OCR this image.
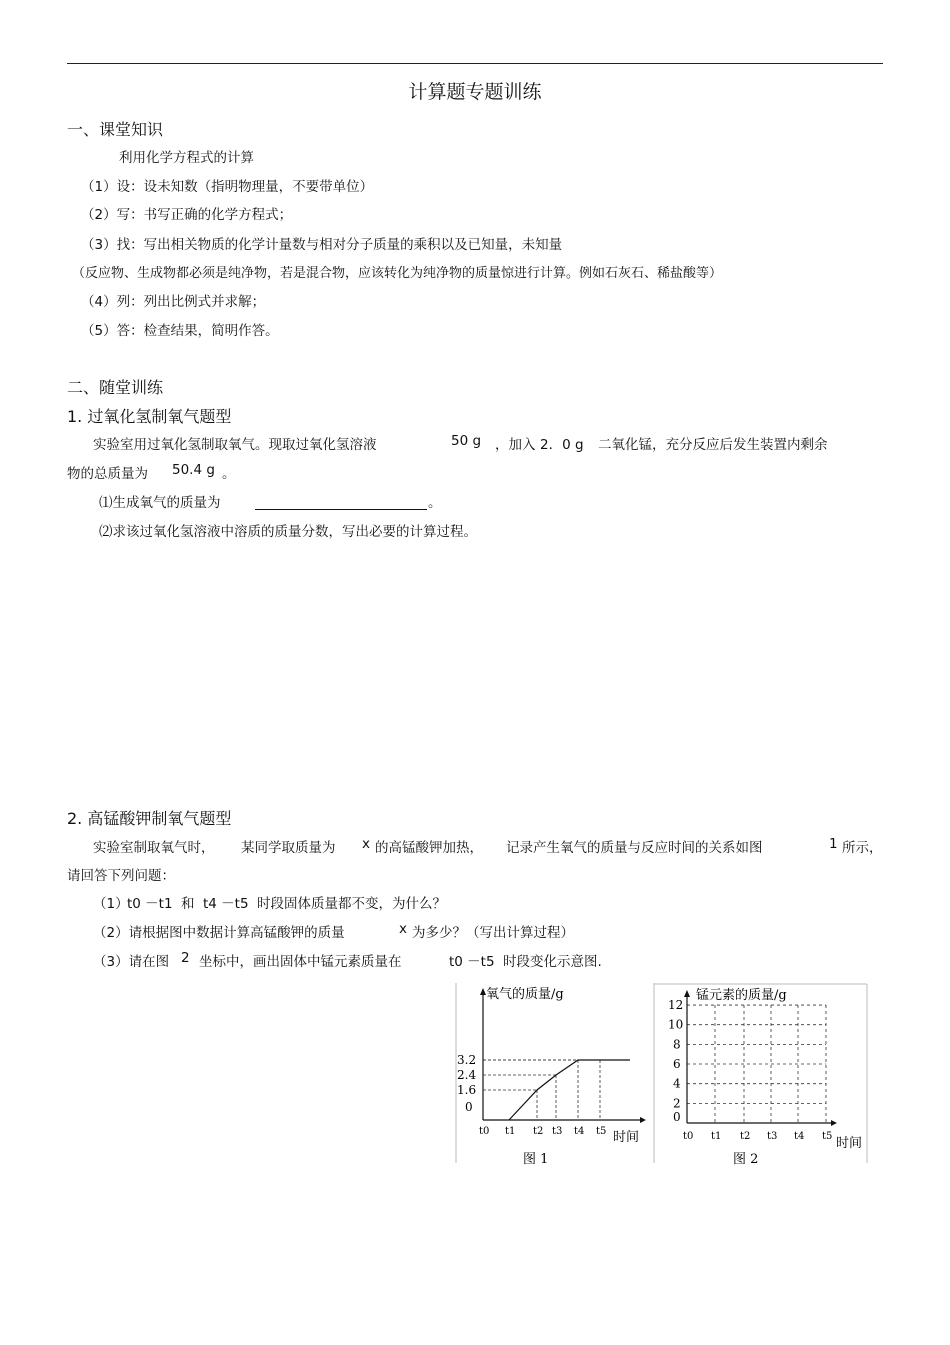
计算题专题训练
一、课堂知识
利用化学方程式的计算
（1）设：设未知数（指明物理量，不要带单位）
（2）写：书写正确的化学方程式；
（3）找：写出相关物质的化学计量数与相对分子质量的乘积以及已知量，未知量
（反应物、生成物都必须是纯净物，若是混合物，应该转化为纯净物的质量惊进行计算。例如石灰石、稀盐酸等）
（4）列：列出比例式并求解；
（5）答：检查结果，简明作答。
二、随堂训练
1. 过氧化氢制氧气题型
实验室用过氧化氢制取氧气。现取过氧化氢溶液	50 g ，加入 2．0 g 二氧化锰，充分反应后发生装置内剩余
物的总质量为 50.4 g 。
⑴生成氧气的质量为	。
⑵求该过氧化氢溶液中溶质的质量分数，写出必要的计算过程。
2. 高锰酸钾制氧气题型
实验室制取氧气时， 某同学取质量为 x 的高锰酸钾加热， 记录产生氧气的质量与反应时间的关系如图	1 所示，
请回答下列问题：
（1）
t0 －t1 和 t4 －t5 时段固体质量都不变，为什么？
（2）请根据图中数据计算高锰酸钾的质量	x 为多少？（写出计算过程）
（3）请在图 2 坐标中，画出固体中锰元素质量在	t0 －t5 时段变化示意图.
0
1.6
2.4
3.2
t0 t1 t2 t3 t4 t5
氧气的质量/g
时间
图 1
0
2
4
6
8
10
12
t0 t1 t2 t3 t4 t5
锰元素的质量/g
时间
图 2
